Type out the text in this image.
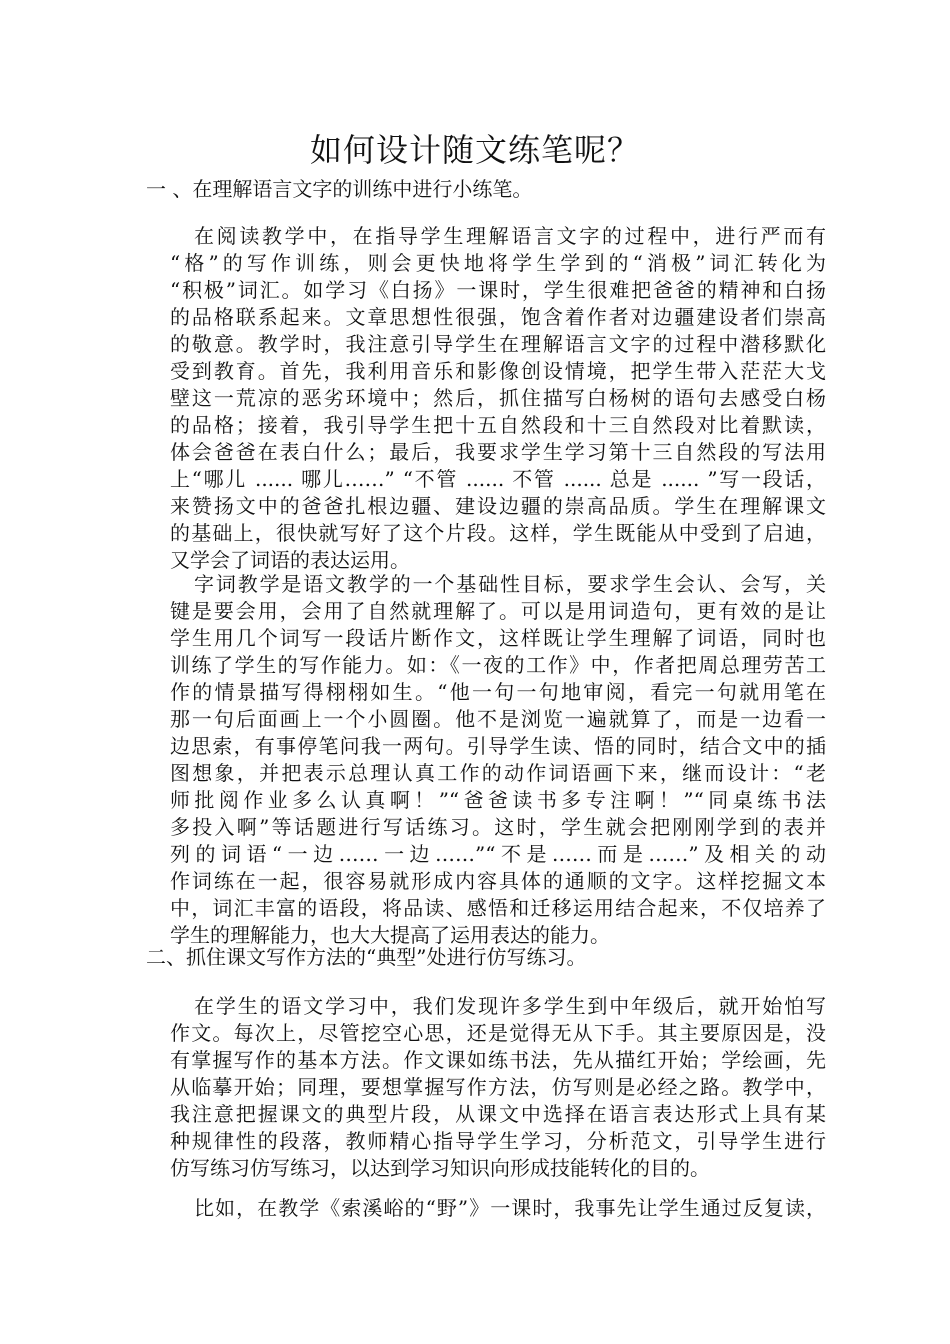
如何设计随文练笔呢？
一 、在理解语言文字的训练中进行小练笔。
在阅读教学中，在指导学生理解语言文字的过程中，进行严而有
“格”的写作训练，则会更快地将学生学到的“消极”词汇转化为
“积极”词汇。如学习《白扬》一课时，学生很难把爸爸的精神和白扬
的品格联系起来。文章思想性很强，饱含着作者对边疆建设者们崇高
的敬意。教学时，我注意引导学生在理解语言文字的过程中潜移默化
受到教育。首先，我利用音乐和影像创设情境，把学生带入茫茫大戈
壁这一荒凉的恶劣环境中；然后，抓住描写白杨树的语句去感受白杨
的品格；接着，我引导学生把十五自然段和十三自然段对比着默读，
体会爸爸在表白什么；最后，我要求学生学习第十三自然段的写法用
上“哪儿 ...... 哪儿……” “不管 ...... 不管 ...... 总是 ...... ”写一段话，
来赞扬文中的爸爸扎根边疆、建设边疆的崇高品质。学生在理解课文
的基础上，很快就写好了这个片段。这样，学生既能从中受到了启迪，
又学会了词语的表达运用。
字词教学是语文教学的一个基础性目标，要求学生会认、会写，关
键是要会用，会用了自然就理解了。可以是用词造句，更有效的是让
学生用几个词写一段话片断作文，这样既让学生理解了词语，同时也
训练了学生的写作能力。如：《一夜的工作》中，作者把周总理劳苦工
作的情景描写得栩栩如生。“他一句一句地审阅，看完一句就用笔在
那一句后面画上一个小圆圈。他不是浏览一遍就算了，而是一边看一
边思索，有事停笔问我一两句。引导学生读、悟的同时，结合文中的插
图想象，并把表示总理认真工作的动作词语画下来，继而设计：“老
师批阅作业多么认真啊！”“爸爸读书多专注啊！”“同桌练书法
多投入啊”等话题进行写话练习。这时，学生就会把刚刚学到的表并
列的词语“一边……一边……”“不是……而是……”及相关的动
作词练在一起，很容易就形成内容具体的通顺的文字。这样挖掘文本
中，词汇丰富的语段，将品读、感悟和迁移运用结合起来，不仅培养了
学生的理解能力，也大大提高了运用表达的能力。
二、抓住课文写作方法的“典型”处进行仿写练习。
在学生的语文学习中，我们发现许多学生到中年级后，就开始怕写
作文。每次上，尽管挖空心思，还是觉得无从下手。其主要原因是，没
有掌握写作的基本方法。作文课如练书法，先从描红开始；学绘画，先
从临摹开始；同理，要想掌握写作方法，仿写则是必经之路。教学中，
我注意把握课文的典型片段，从课文中选择在语言表达形式上具有某
种规律性的段落，教师精心指导学生学习，分析范文，引导学生进行
仿写练习仿写练习，以达到学习知识向形成技能转化的目的。
比如，在教学《索溪峪的“野”》一课时，我事先让学生通过反复读，
